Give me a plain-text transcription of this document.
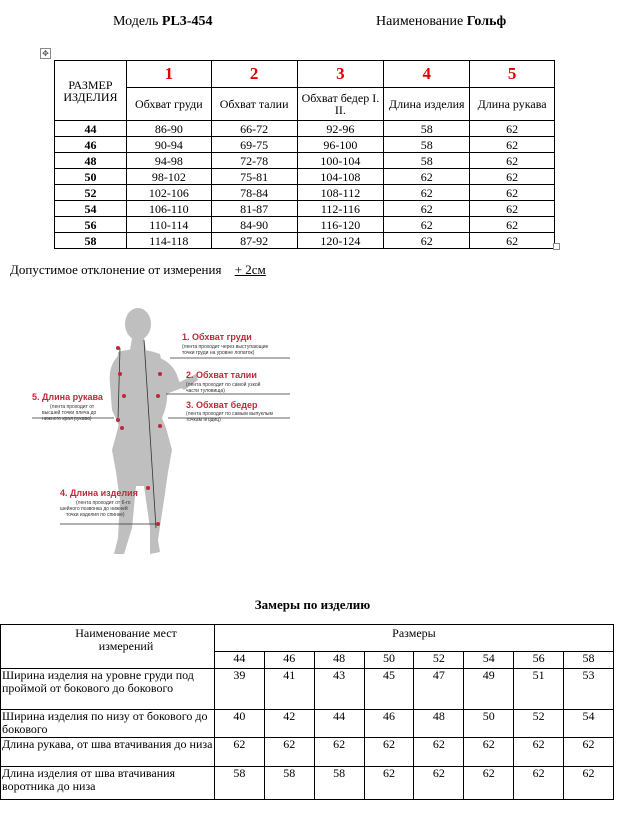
Модель PL3-454	Наименование Гольф
✥
РАЗМЕР ИЗДЕЛИЯ	1	2	3	4	5
	Обхват груди	Обхват талии	Обхват бедер I. II.	Длина изделия	Длина рукава
44	86-90	66-72	92-96	58	62
46	90-94	69-75	96-100	58	62
48	94-98	72-78	100-104	58	62
50	98-102	75-81	104-108	62	62
52	102-106	78-84	108-112	62	62
54	106-110	81-87	112-116	62	62
56	110-114	84-90	116-120	62	62
58	114-118	87-92	120-124	62	62
Допустимое отклонение от измерения + 2см
1. Обхват груди
(лента проходит через выступающие
точки груди на уровне лопаток)
2. Обхват талии
(лента проходит по самой узкой
части туловища)
3. Обхват бедер
(лента проходит по самым выпуклым
точкам ягодиц)
5. Длина рукава
(лента проходит от
высшей точки плеча до
нижнего края рукава)
4. Длина изделия
(лента проходит от 6-го
шейного позвонка до нижней
точки изделия по спинке)
Замеры по изделию
Наименование мест измерений	Размеры							
	44	46	48	50	52	54	56	58
Ширина изделия на уровне груди под проймой от бокового до бокового	39	41	43	45	47	49	51	53
Ширина изделия по низу от бокового до бокового	40	42	44	46	48	50	52	54
Длина рукава, от шва втачивания до низа	62	62	62	62	62	62	62	62
Длина изделия от шва втачивания воротника до низа	58	58	58	62	62	62	62	62
